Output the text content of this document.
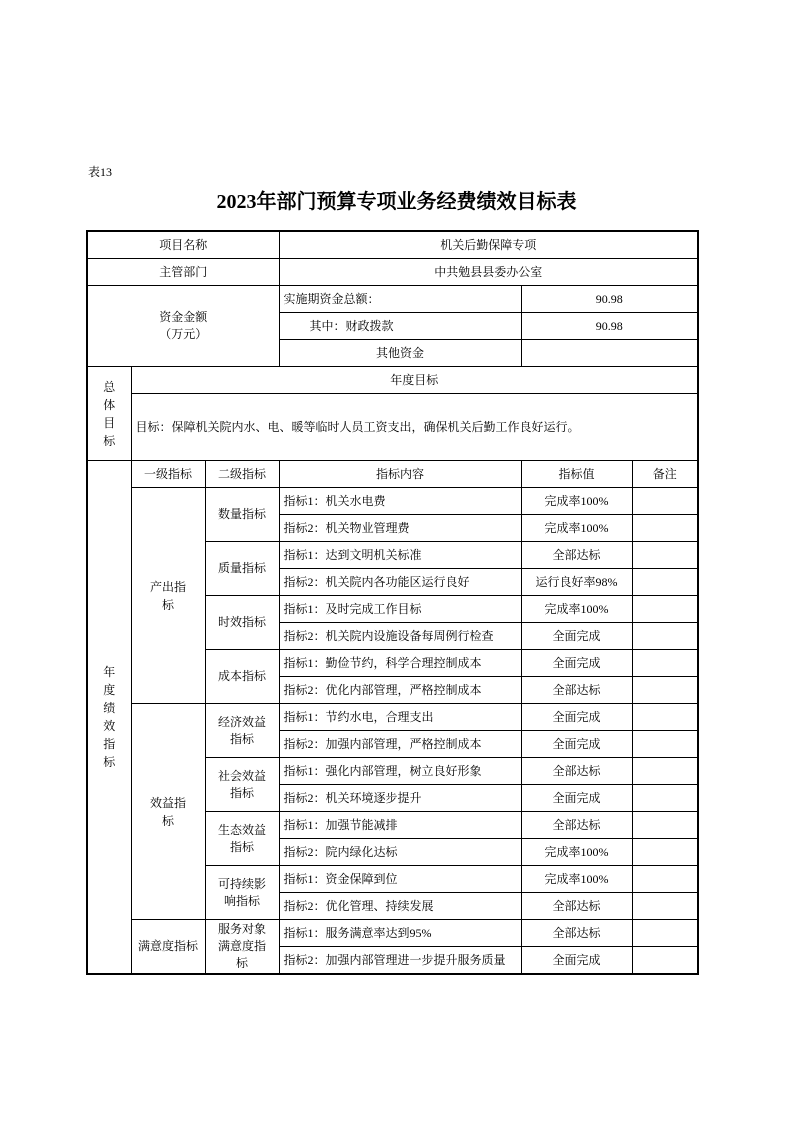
表13
2023年部门预算专项业务经费绩效目标表
项目名称			机关后勤保障专项		
主管部门			中共勉县县委办公室		

资金金额
（万元）			实施期资金总额：	90.98	
			其中：财政拨款	90.98	
			其他资金		
总体目标	年度目标				
	目标：保障机关院内水、电、暖等临时人员工资支出，确保机关后勤工作良好运行。				
年度绩效指标	一级指标	二级指标	指标内容	指标值	备注
	产出指标	数量指标	指标1：机关水电费	完成率100%	
			指标2：机关物业管理费	完成率100%	
		质量指标	指标1：达到文明机关标准	全部达标	
			指标2：机关院内各功能区运行良好	运行良好率98%	
		时效指标	指标1：及时完成工作目标	完成率100%	
			指标2：机关院内设施设备每周例行检查	全面完成	
		成本指标	指标1：勤俭节约，科学合理控制成本	全面完成	
			指标2：优化内部管理，严格控制成本	全部达标	
	效益指标	经济效益指标	指标1：节约水电，合理支出	全面完成	
			指标2：加强内部管理，严格控制成本	全面完成	
		社会效益指标	指标1：强化内部管理，树立良好形象	全部达标	
			指标2：机关环境逐步提升	全面完成	
		生态效益指标	指标1：加强节能减排	全部达标	
			指标2：院内绿化达标	完成率100%	
		可持续影响指标	指标1：资金保障到位	完成率100%	
			指标2：优化管理、持续发展	全部达标	
	满意度指标	服务对象满意度指标	指标1：服务满意率达到95%	全部达标	
			指标2：加强内部管理进一步提升服务质量	全面完成	
